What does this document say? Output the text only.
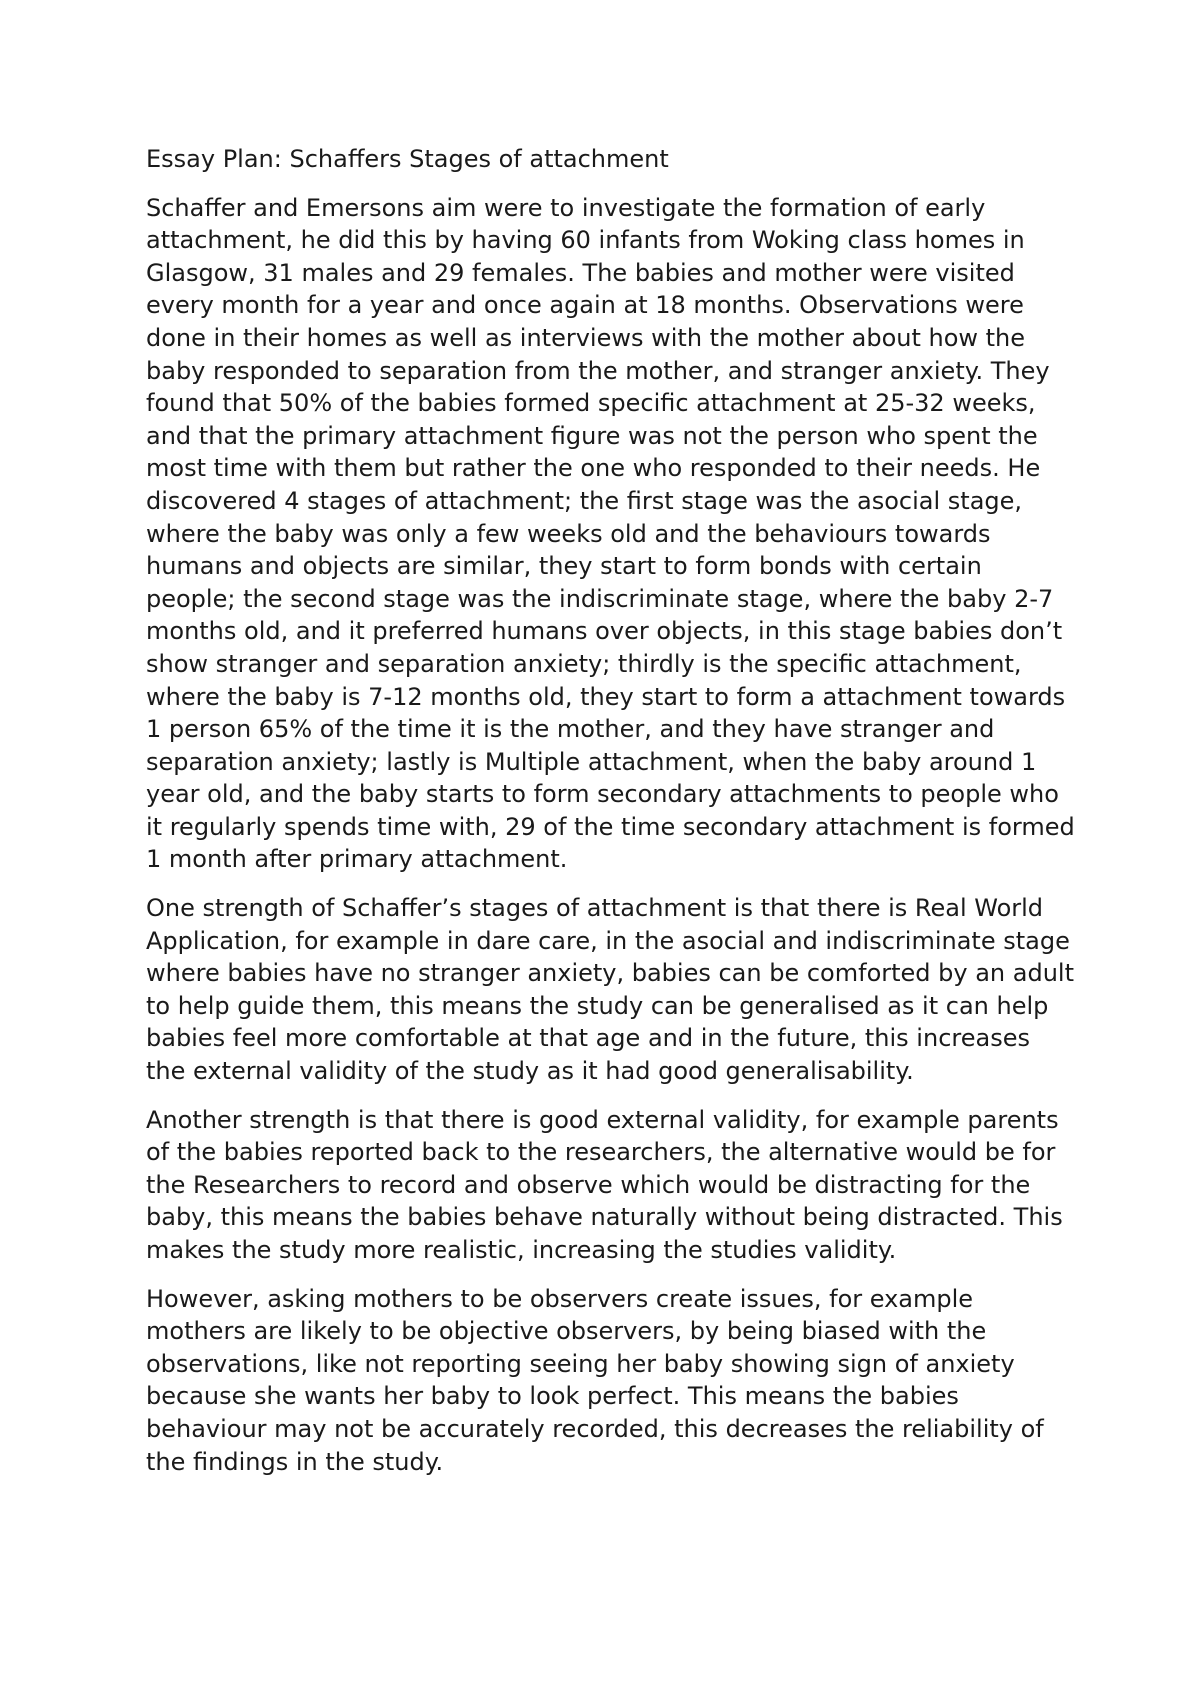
Essay Plan: Schaffers Stages of attachment

Schaffer and Emersons aim were to investigate the formation of early attachment, he did this by having 60 infants from Woking class homes in Glasgow, 31 males and 29 females. The babies and mother were visited every month for a year and once again at 18 months. Observations were done in their homes as well as interviews with the mother about how the baby responded to separation from the mother, and stranger anxiety. They found that 50% of the babies formed specific attachment at 25-32 weeks, and that the primary attachment figure was not the person who spent the most time with them but rather the one who responded to their needs. He discovered 4 stages of attachment; the first stage was the asocial stage, where the baby was only a few weeks old and the behaviours towards humans and objects are similar, they start to form bonds with certain people; the second stage was the indiscriminate stage, where the baby 2-7 months old, and it preferred humans over objects, in this stage babies don’t show stranger and separation anxiety; thirdly is the specific attachment, where the baby is 7-12 months old, they start to form a attachment towards 1 person 65% of the time it is the mother, and they have stranger and separation anxiety; lastly is Multiple attachment, when the baby around 1 year old, and the baby starts to form secondary attachments to people who it regularly spends time with, 29 of the time secondary attachment is formed 1 month after primary attachment.

One strength of Schaffer’s stages of attachment is that there is Real World Application, for example in dare care, in the asocial and indiscriminate stage where babies have no stranger anxiety, babies can be comforted by an adult to help guide them, this means the study can be generalised as it can help babies feel more comfortable at that age and in the future, this increases the external validity of the study as it had good generalisability.

Another strength is that there is good external validity, for example parents of the babies reported back to the researchers, the alternative would be for the Researchers to record and observe which would be distracting for the baby, this means the babies behave naturally without being distracted. This makes the study more realistic, increasing the studies validity.

However, asking mothers to be observers create issues, for example mothers are likely to be objective observers, by being biased with the observations, like not reporting seeing her baby showing sign of anxiety because she wants her baby to look perfect. This means the babies behaviour may not be accurately recorded, this decreases the reliability of the findings in the study.
